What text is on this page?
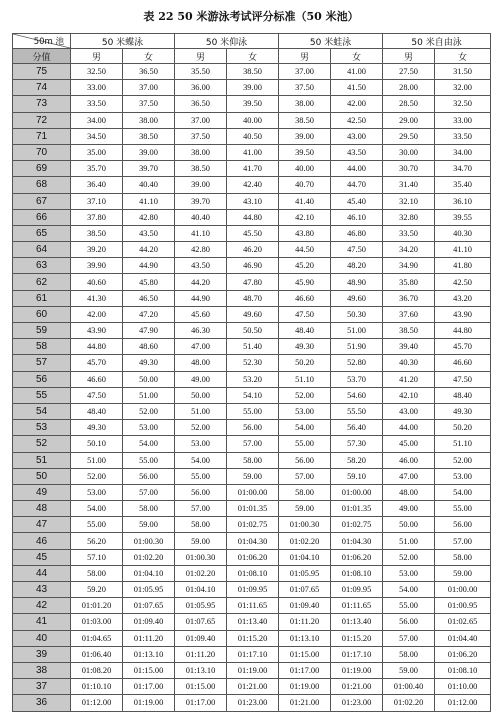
表 22 50 米游泳考试评分标准（50 米池）
50m 池	50 米蝶泳		50 米仰泳		50 米蛙泳		50 米自由泳	
分值	男	女	男	女	男	女	男	女
75	32.50	36.50	35.50	38.50	37.00	41.00	27.50	31.50
74	33.00	37.00	36.00	39.00	37.50	41.50	28.00	32.00
73	33.50	37.50	36.50	39.50	38.00	42.00	28.50	32.50
72	34.00	38.00	37.00	40.00	38.50	42.50	29.00	33.00
71	34.50	38.50	37.50	40.50	39.00	43.00	29.50	33.50
70	35.00	39.00	38.00	41.00	39.50	43.50	30.00	34.00
69	35.70	39.70	38.50	41.70	40.00	44.00	30.70	34.70
68	36.40	40.40	39.00	42.40	40.70	44.70	31.40	35.40
67	37.10	41.10	39.70	43.10	41.40	45.40	32.10	36.10
66	37.80	42.80	40.40	44.80	42.10	46.10	32.80	39.55
65	38.50	43.50	41.10	45.50	43.80	46.80	33.50	40.30
64	39.20	44.20	42.80	46.20	44.50	47.50	34.20	41.10
63	39.90	44.90	43.50	46.90	45.20	48.20	34.90	41.80
62	40.60	45.80	44.20	47.80	45.90	48.90	35.80	42.50
61	41.30	46.50	44.90	48.70	46.60	49.60	36.70	43.20
60	42.00	47.20	45.60	49.60	47.50	50.30	37.60	43.90
59	43.90	47.90	46.30	50.50	48.40	51.00	38.50	44.80
58	44.80	48.60	47.00	51.40	49.30	51.90	39.40	45.70
57	45.70	49.30	48.00	52.30	50.20	52.80	40.30	46.60
56	46.60	50.00	49.00	53.20	51.10	53.70	41.20	47.50
55	47.50	51.00	50.00	54.10	52.00	54.60	42.10	48.40
54	48.40	52.00	51.00	55.00	53.00	55.50	43.00	49.30
53	49.30	53.00	52.00	56.00	54.00	56.40	44.00	50.20
52	50.10	54.00	53.00	57.00	55.00	57.30	45.00	51.10
51	51.00	55.00	54.00	58.00	56.00	58.20	46.00	52.00
50	52.00	56.00	55.00	59.00	57.00	59.10	47.00	53.00
49	53.00	57.00	56.00	01:00.00	58.00	01:00.00	48.00	54.00
48	54.00	58.00	57.00	01:01.35	59.00	01:01.35	49.00	55.00
47	55.00	59.00	58.00	01:02.75	01:00.30	01:02.75	50.00	56.00
46	56.20	01:00.30	59.00	01:04.30	01:02.20	01:04.30	51.00	57.00
45	57.10	01:02.20	01:00.30	01:06.20	01:04.10	01:06.20	52.00	58.00
44	58.00	01:04.10	01:02.20	01:08.10	01:05.95	01:08.10	53.00	59.00
43	59.20	01:05.95	01:04.10	01:09.95	01:07.65	01:09.95	54.00	01:00.00
42	01:01.20	01:07.65	01:05.95	01:11.65	01:09.40	01:11.65	55.00	01:00.95
41	01:03.00	01:09.40	01:07.65	01:13.40	01:11.20	01:13.40	56.00	01:02.65
40	01:04.65	01:11.20	01:09.40	01:15.20	01:13.10	01:15.20	57.00	01:04.40
39	01:06.40	01:13.10	01:11.20	01:17.10	01:15.00	01:17.10	58.00	01:06.20
38	01:08.20	01:15.00	01:13.10	01:19.00	01:17.00	01:19.00	59.00	01:08.10
37	01:10.10	01:17.00	01:15.00	01:21.00	01:19.00	01:21.00	01:00.40	01:10.00
36	01:12.00	01:19.00	01:17.00	01:23.00	01:21.00	01:23.00	01:02.20	01:12.00
